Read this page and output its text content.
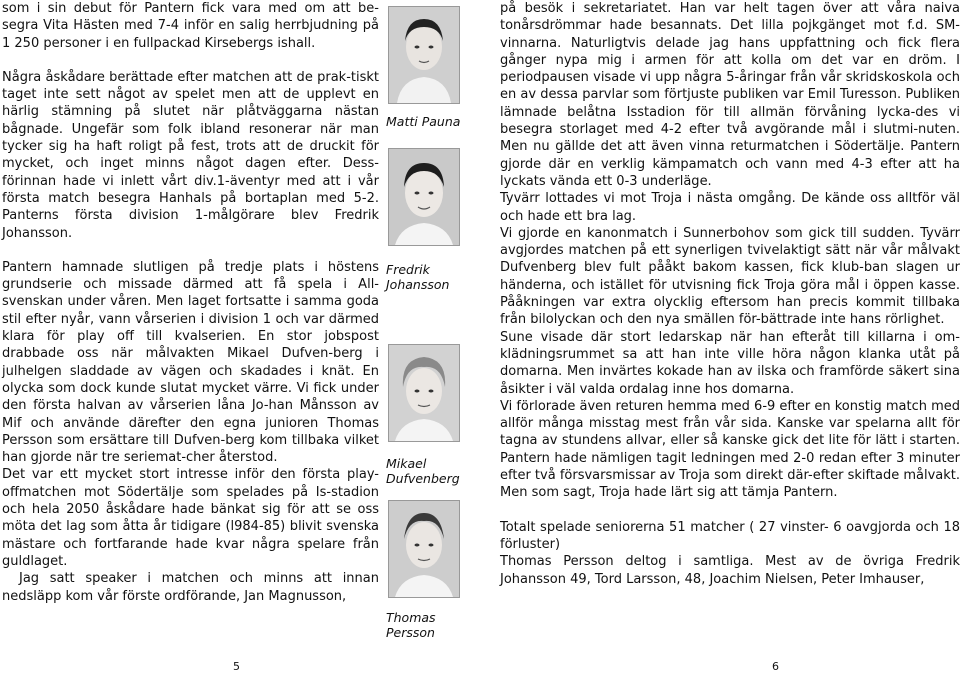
som i sin debut för Pantern fick vara med om att be-segra Vita Hästen med 7-4 inför en salig herrbjudning på 1 250 personer i en fullpackad Kirsebergs ishall.

Några åskådare berättade efter matchen att de prak-tiskt taget inte sett något av spelet men att de upplevt en härlig stämning på slutet när plåtväggarna nästan bågnade. Ungefär som folk ibland resonerar när man tycker sig ha haft roligt på fest, trots att de druckit för mycket, och inget minns något dagen efter. Dess-förinnan hade vi inlett vårt div.1-äventyr med att i vår första match besegra Hanhals på bortaplan med 5-2. Panterns första division 1-målgörare blev Fredrik Johansson.

Pantern hamnade slutligen på tredje plats i höstens grundserie och missade därmed att få spela i All-svenskan under våren. Men laget fortsatte i samma goda stil efter nyår, vann vårserien i division 1 och var därmed klara för play off till kvalserien. En stor jobspost drabbade oss när målvakten Mikael Dufven-berg i julhelgen sladdade av vägen och skadades i knät. En olycka som dock kunde slutat mycket värre. Vi fick under den första halvan av vårserien låna Jo-han Månsson av Mif och använde därefter den egna junioren Thomas Persson som ersättare till Dufven-berg kom tillbaka vilket han gjorde när tre seriemat-cher återstod.

Det var ett mycket stort intresse inför den första play-offmatchen mot Södertälje som spelades på Is-stadion och hela 2050 åskådare hade bänkat sig för att se oss möta det lag som åtta år tidigare (l984-85) blivit svenska mästare och fortfarande hade kvar några spelare från guldlaget.

Jag satt speaker i matchen och minns att innan nedsläpp kom vår förste ordförande, Jan Magnusson,

Matti Pauna
Fredrik
Johansson
Mikael
Dufvenberg
Thomas
Persson

på besök i sekretariatet. Han var helt tagen över att våra naiva tonårsdrömmar hade besannats. Det lilla pojkgänget mot f.d. SM-vinnarna. Naturligtvis delade jag hans uppfattning och fick flera gånger nypa mig i armen för att kolla om det var en dröm. I periodpausen visade vi upp några 5-åringar från vår skridskoskola och en av dessa parvlar som förtjuste publiken var Emil Turesson. Publiken lämnade belåtna Isstadion för till allmän förvåning lycka-des vi besegra storlaget med 4-2 efter två avgörande mål i slutmi-nuten. Men nu gällde det att även vinna returmatchen i Södertälje. Pantern gjorde där en verklig kämpamatch och vann med 4-3 efter att ha lyckats vända ett 0-3 underläge.

Tyvärr lottades vi mot Troja i nästa omgång. De kände oss alltför väl och hade ett bra lag.

Vi gjorde en kanonmatch i Sunnerbohov som gick till sudden. Tyvärr avgjordes matchen på ett synerligen tvivelaktigt sätt när vår målvakt Dufvenberg blev fult pååkt bakom kassen, fick klub-ban slagen ur händerna, och istället för utvisning fick Troja göra mål i öppen kasse. Pååkningen var extra olycklig eftersom han precis kommit tillbaka från bilolyckan och den nya smällen för-bättrade inte hans rörlighet.

Sune visade där stort ledarskap när han efteråt till killarna i om-klädningsrummet sa att han inte ville höra någon klanka utåt på domarna. Men invärtes kokade han av ilska och framförde säkert sina åsikter i väl valda ordalag inne hos domarna.

Vi förlorade även returen hemma med 6-9 efter en konstig match med allför många misstag mest från vår sida. Kanske var spelarna allt för tagna av stundens allvar, eller så kanske gick det lite för lätt i starten. Pantern hade nämligen tagit ledningen med 2-0 redan efter 3 minuter efter två försvarsmissar av Troja som direkt där-efter skiftade målvakt. Men som sagt, Troja hade lärt sig att tämja Pantern.

Totalt spelade seniorerna 51 matcher ( 27 vinster- 6 oavgjorda och 18 förluster)

Thomas Persson deltog i samtliga. Mest av de övriga Fredrik Johansson 49, Tord Larsson, 48, Joachim Nielsen, Peter Imhauser,

5	6
